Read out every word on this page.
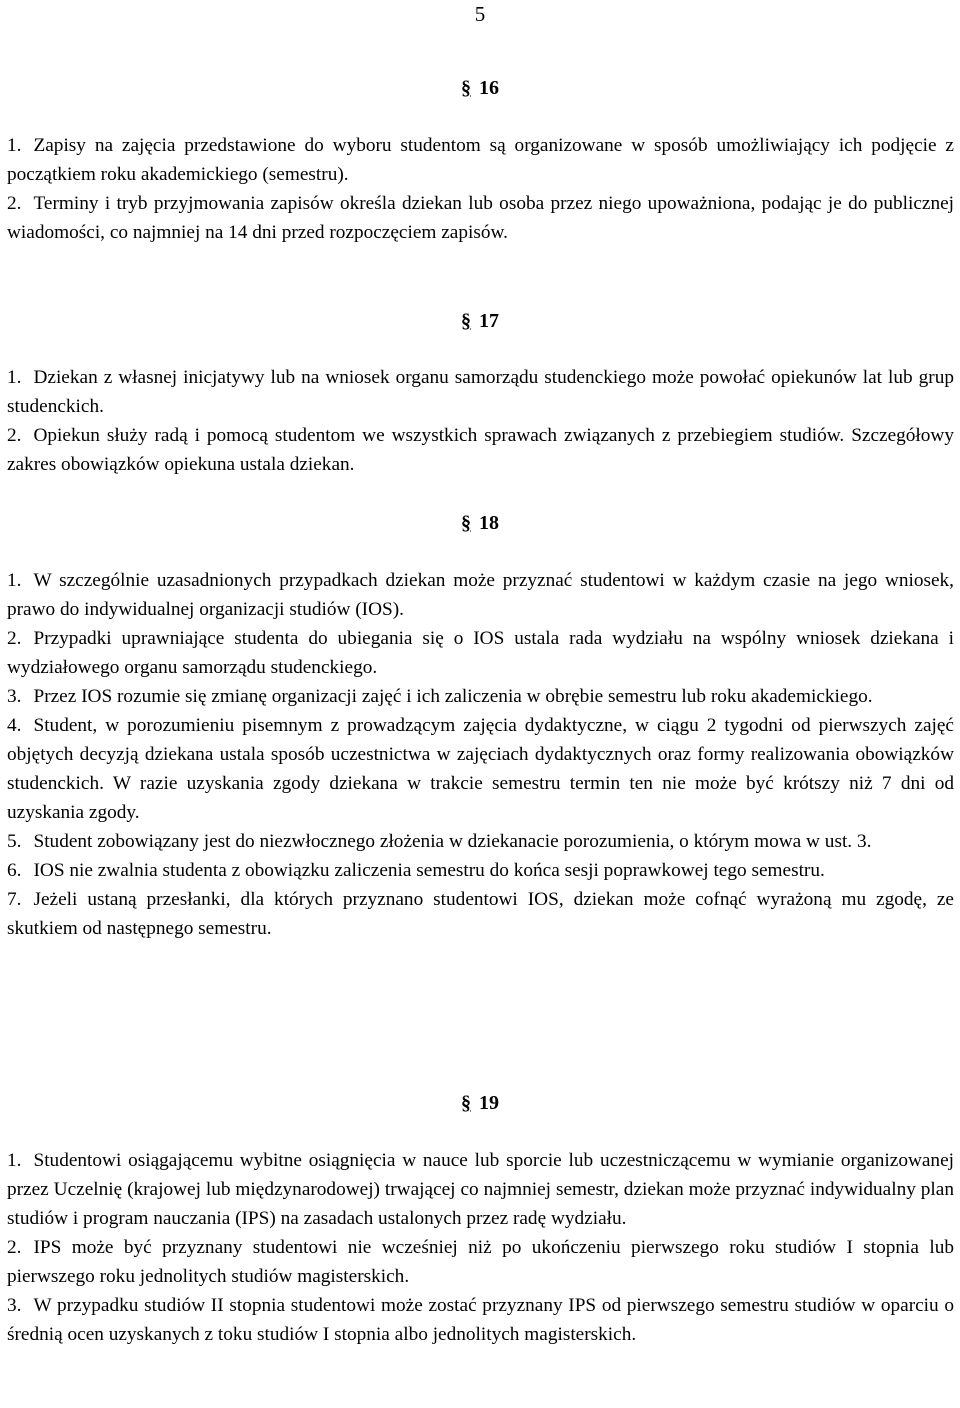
5
§ 16

1. Zapisy na zajęcia przedstawione do wyboru studentom są organizowane w sposób umożliwiający ich podjęcie z początkiem roku akademickiego (semestru).

2. Terminy i tryb przyjmowania zapisów określa dziekan lub osoba przez niego upoważniona, podając je do publicznej wiadomości, co najmniej na 14 dni przed rozpoczęciem zapisów.

§ 17

1. Dziekan z własnej inicjatywy lub na wniosek organu samorządu studenckiego może powołać opiekunów lat lub grup studenckich.

2. Opiekun służy radą i pomocą studentom we wszystkich sprawach związanych z przebiegiem studiów. Szczegółowy zakres obowiązków opiekuna ustala dziekan.

§ 18

1. W szczególnie uzasadnionych przypadkach dziekan może przyznać studentowi w każdym czasie na jego wniosek, prawo do indywidualnej organizacji studiów (IOS).

2. Przypadki uprawniające studenta do ubiegania się o IOS ustala rada wydziału na wspólny wniosek dziekana i wydziałowego organu samorządu studenckiego.

3. Przez IOS rozumie się zmianę organizacji zajęć i ich zaliczenia w obrębie semestru lub roku akademickiego.

4. Student, w porozumieniu pisemnym z prowadzącym zajęcia dydaktyczne, w ciągu 2 tygodni od pierwszych zajęć objętych decyzją dziekana ustala sposób uczestnictwa w zajęciach dydaktycznych oraz formy realizowania obowiązków studenckich. W razie uzyskania zgody dziekana w trakcie semestru termin ten nie może być krótszy niż 7 dni od uzyskania zgody.

5. Student zobowiązany jest do niezwłocznego złożenia w dziekanacie porozumienia, o którym mowa w ust. 3.

6. IOS nie zwalnia studenta z obowiązku zaliczenia semestru do końca sesji poprawkowej tego semestru.

7. Jeżeli ustaną przesłanki, dla których przyznano studentowi IOS, dziekan może cofnąć wyrażoną mu zgodę, ze skutkiem od następnego semestru.

§ 19

1. Studentowi osiągającemu wybitne osiągnięcia w nauce lub sporcie lub uczestniczącemu w wymianie organizowanej przez Uczelnię (krajowej lub międzynarodowej) trwającej co najmniej semestr, dziekan może przyznać indywidualny plan studiów i program nauczania (IPS) na zasadach ustalonych przez radę wydziału.

2. IPS może być przyznany studentowi nie wcześniej niż po ukończeniu pierwszego roku studiów I stopnia lub pierwszego roku jednolitych studiów magisterskich.

3. W przypadku studiów II stopnia studentowi może zostać przyznany IPS od pierwszego semestru studiów w oparciu o średnią ocen uzyskanych z toku studiów I stopnia albo jednolitych magisterskich.
